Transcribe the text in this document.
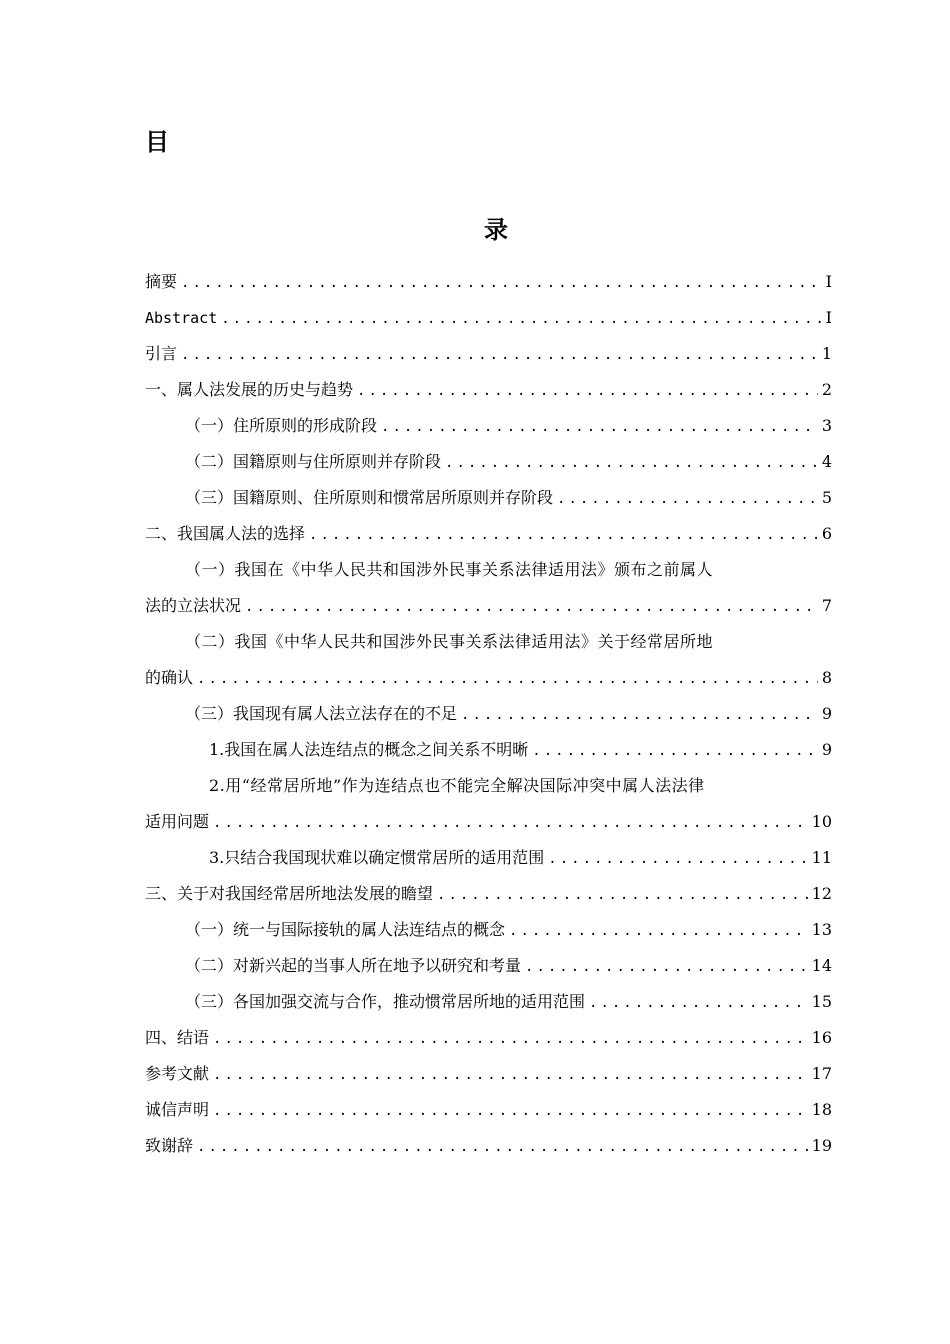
目
录
摘要 .....	I
Abstract .....	I
引言 .....	1
一、属人法发展的历史与趋势 .....	2
（一）住所原则的形成阶段 .....	3
（二）国籍原则与住所原则并存阶段 .....	4
（三）国籍原则、住所原则和惯常居所原则并存阶段 .....	5
二、我国属人法的选择 .....	6
（一）我国在《中华人民共和国涉外民事关系法律适用法》颁布之前属人
法的立法状况 .....	7
（二）我国《中华人民共和国涉外民事关系法律适用法》关于经常居所地
的确认 .....	8
（三）我国现有属人法立法存在的不足 .....	9
1.我国在属人法连结点的概念之间关系不明晰 .....	9
2.用“经常居所地”作为连结点也不能完全解决国际冲突中属人法法律
适用问题 .....	10
3.只结合我国现状难以确定惯常居所的适用范围 .....	11
三、关于对我国经常居所地法发展的瞻望 .....	12
（一）统一与国际接轨的属人法连结点的概念 .....	13
（二）对新兴起的当事人所在地予以研究和考量 .....	14
（三）各国加强交流与合作，推动惯常居所地的适用范围 .....	15
四、结语 .....	16
参考文献 .....	17
诚信声明 .....	18
致谢辞 .....	19
